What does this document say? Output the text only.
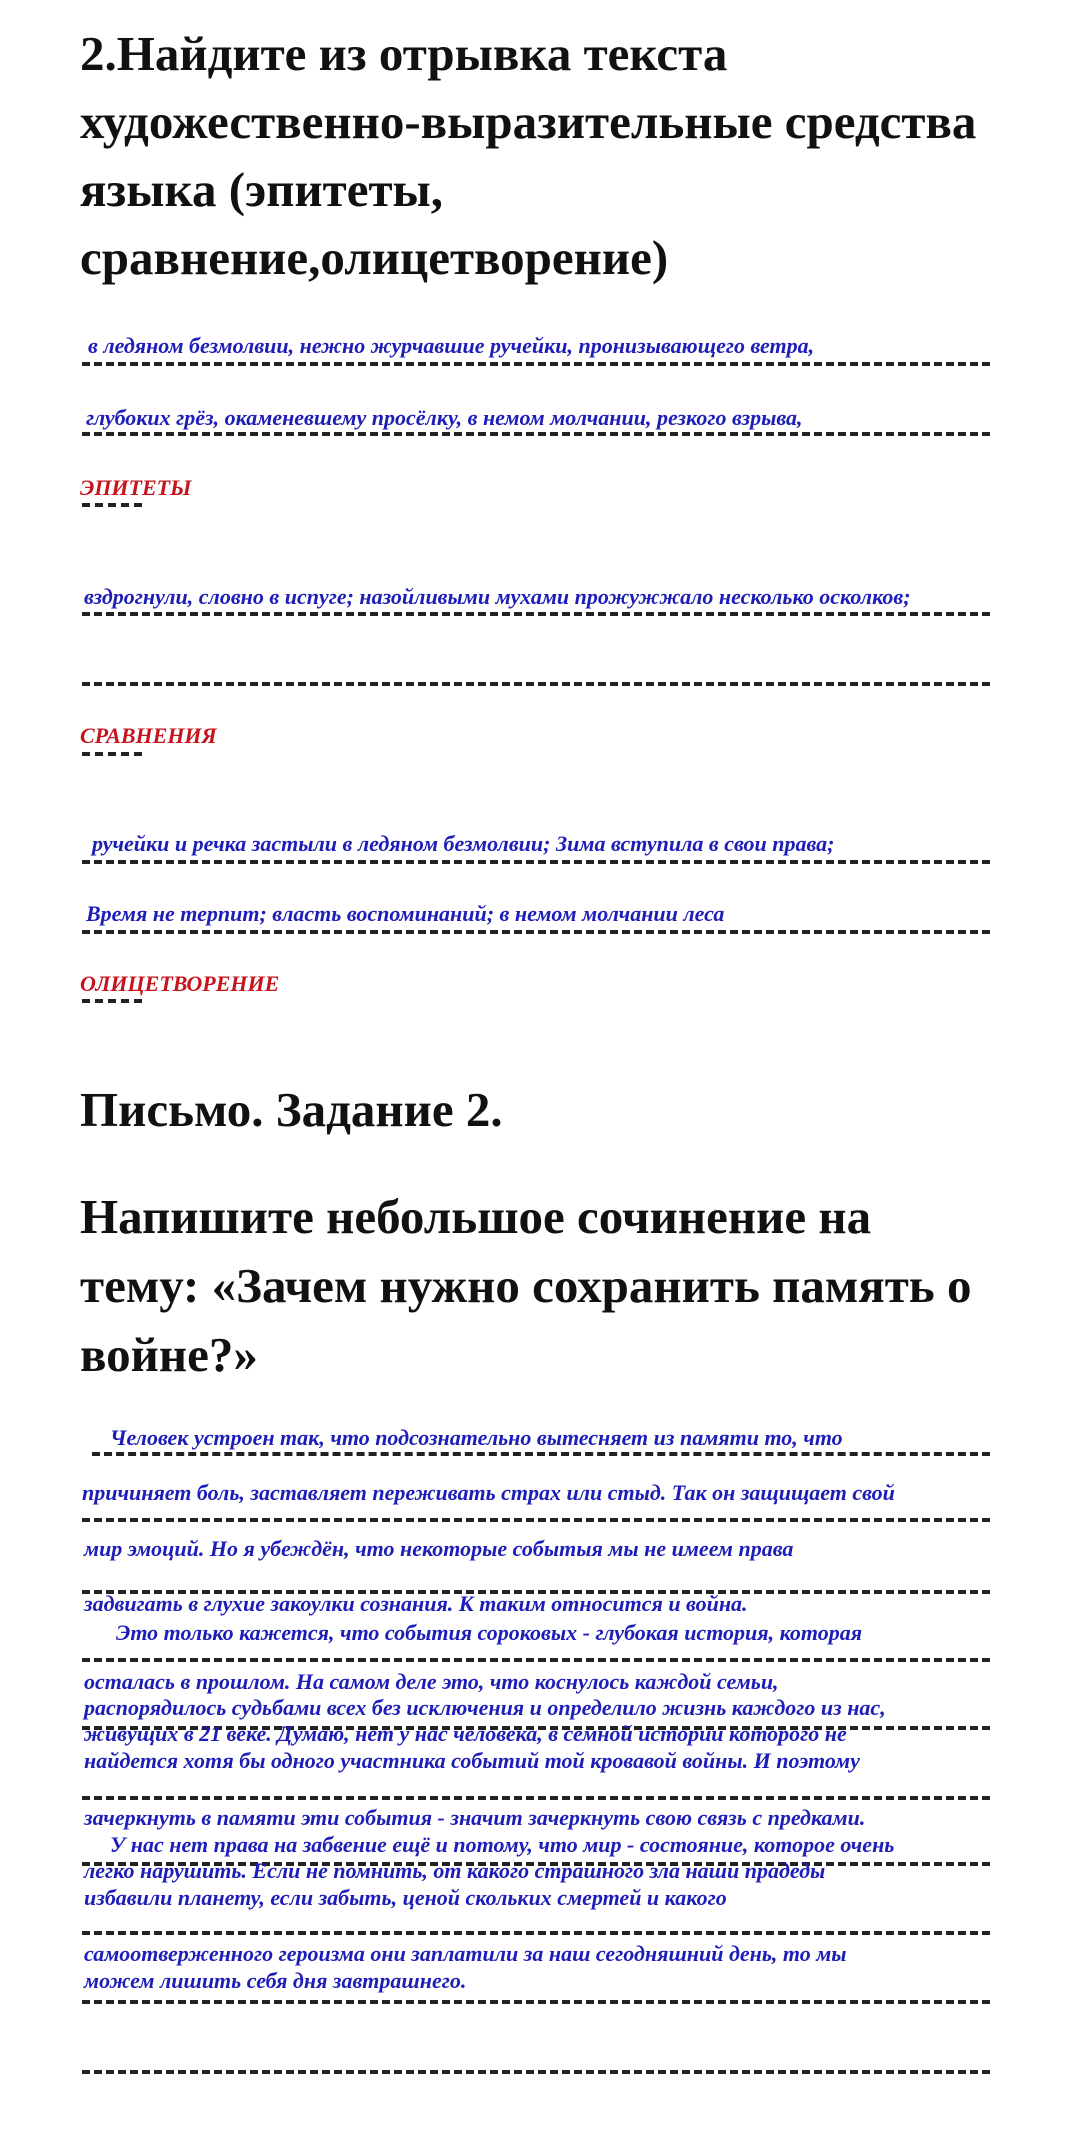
2.Найдите из отрывка текста

художественно-выразительные средства

языка (эпитеты,

сравнение,олицетворение)

в ледяном безмолвии, нежно журчавшие ручейки, пронизывающего ветра,

глубоких грёз, окаменевшему просёлку, в немом молчании, резкого взрыва,

ЭПИТЕТЫ

вздрогнули, словно в испуге; назойливыми мухами прожужжало несколько осколков;

СРАВНЕНИЯ

ручейки и речка застыли в ледяном безмолвии; Зима вступила в свои права;

Время не терпит; власть воспоминаний; в немом молчании леса

ОЛИЦЕТВОРЕНИЕ

Письмо. Задание 2.

Напишите небольшое сочинение на

тему: «Зачем нужно сохранить память о

войне?»

Человек устроен так, что подсознательно вытесняет из памяти то, что

причиняет боль, заставляет переживать страх или стыд. Так он защищает свой

мир эмоций. Но я убеждён, что некоторые событыя мы не имеем права

задвигать в глухие закоулки сознания. К таким относится и война.

Это только кажется, что события сороковых - глубокая история, которая

осталась в прошлом. На самом деле это, что коснулось каждой семьи,

распорядилось судьбами всех без исключения и определило жизнь каждого из нас,

живущих в 21 веке. Думаю, нет у нас человека, в семной истории которого не

найдется хотя бы одного участника событий той кровавой войны. И поэтому

зачеркнуть в памяти эти события - значит зачеркнуть свою связь с предками.

У нас нет права на забвение ещё и потому, что мир - состояние, которое очень

легко нарушить. Если не помнить, от какого страшного зла наши прадеды

избавили планету, если забыть, ценой скольких смертей и какого

самоотверженного героизма они заплатили за наш сегодняшний день, то мы

можем лишить себя дня завтрашнего.
